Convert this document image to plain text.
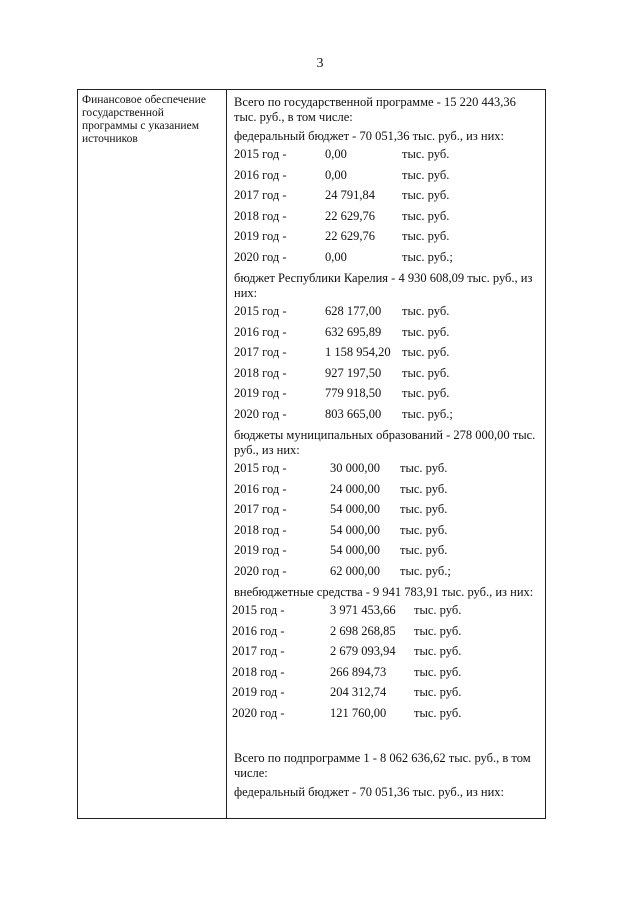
3
Финансовое обеспечение государственной программы с указанием источников

Всего по государственной программе - 15 220 443,36 тыс. руб., в том числе:

федеральный бюджет - 70 051,36 тыс. руб., из них:

2015 год -	0,00	тыс. руб.
2016 год -	0,00	тыс. руб.
2017 год -	24 791,84 тыс. руб.
2018 год -	22 629,76 тыс. руб.
2019 год -	22 629,76 тыс. руб.
2020 год -	0,00	тыс. руб.;

бюджет Республики Карелия - 4 930 608,09 тыс. руб., из них:

2015 год -	628 177,00 тыс. руб.
2016 год -	632 695,89 тыс. руб.
2017 год -	1 158 954,20 тыс. руб.
2018 год -	927 197,50 тыс. руб.
2019 год -	779 918,50 тыс. руб.
2020 год -	803 665,00 тыс. руб.;

бюджеты муниципальных образований - 278 000,00 тыс. руб., из них:

2015 год -	30 000,00 тыс. руб.
2016 год -	24 000,00 тыс. руб.
2017 год -	54 000,00 тыс. руб.
2018 год -	54 000,00 тыс. руб.
2019 год -	54 000,00 тыс. руб.
2020 год -	62 000,00 тыс. руб.;

внебюджетные средства - 9 941 783,91 тыс. руб., из них:

2015 год -	3 971 453,66 тыс. руб.
2016 год -	2 698 268,85 тыс. руб.
2017 год -	2 679 093,94 тыс. руб.
2018 год -	266 894,73 тыс. руб.
2019 год -	204 312,74 тыс. руб.
2020 год -	121 760,00 тыс. руб.

Всего по подпрограмме 1 - 8 062 636,62 тыс. руб., в том числе:

федеральный бюджет - 70 051,36 тыс. руб., из них:
